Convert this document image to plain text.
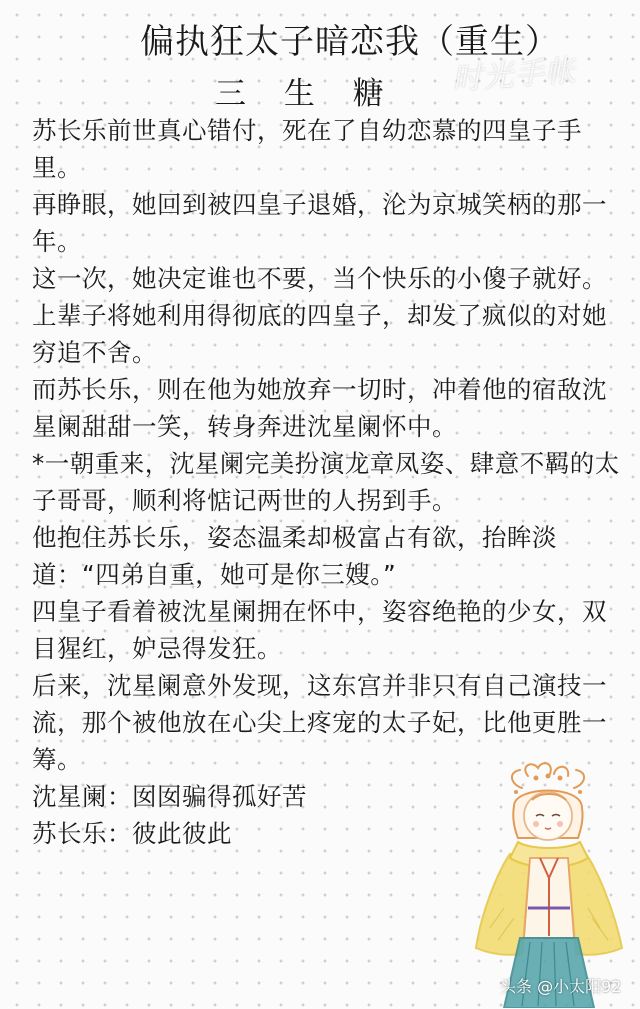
偏执狂太子暗恋我（重生）
时光手帐
三 生 糖

苏长乐前世真心错付，死在了自幼恋慕的四皇子手里。

再睁眼，她回到被四皇子退婚，沦为京城笑柄的那一年。

这一次，她决定谁也不要，当个快乐的小傻子就好。

上辈子将她利用得彻底的四皇子，却发了疯似的对她穷追不舍。

而苏长乐，则在他为她放弃一切时，冲着他的宿敌沈星阑甜甜一笑，转身奔进沈星阑怀中。

*一朝重来，沈星阑完美扮演龙章凤姿、肆意不羁的太子哥哥，顺利将惦记两世的人拐到手。

他抱住苏长乐，姿态温柔却极富占有欲，抬眸淡道：“四弟自重，她可是你三嫂。”

四皇子看着被沈星阑拥在怀中，姿容绝艳的少女，双目猩红，妒忌得发狂。

后来，沈星阑意外发现，这东宫并非只有自己演技一流，那个被他放在心尖上疼宠的太子妃，比他更胜一筹。

沈星阑：囡囡骗得孤好苦

苏长乐：彼此彼此

头条 @小太阳92
